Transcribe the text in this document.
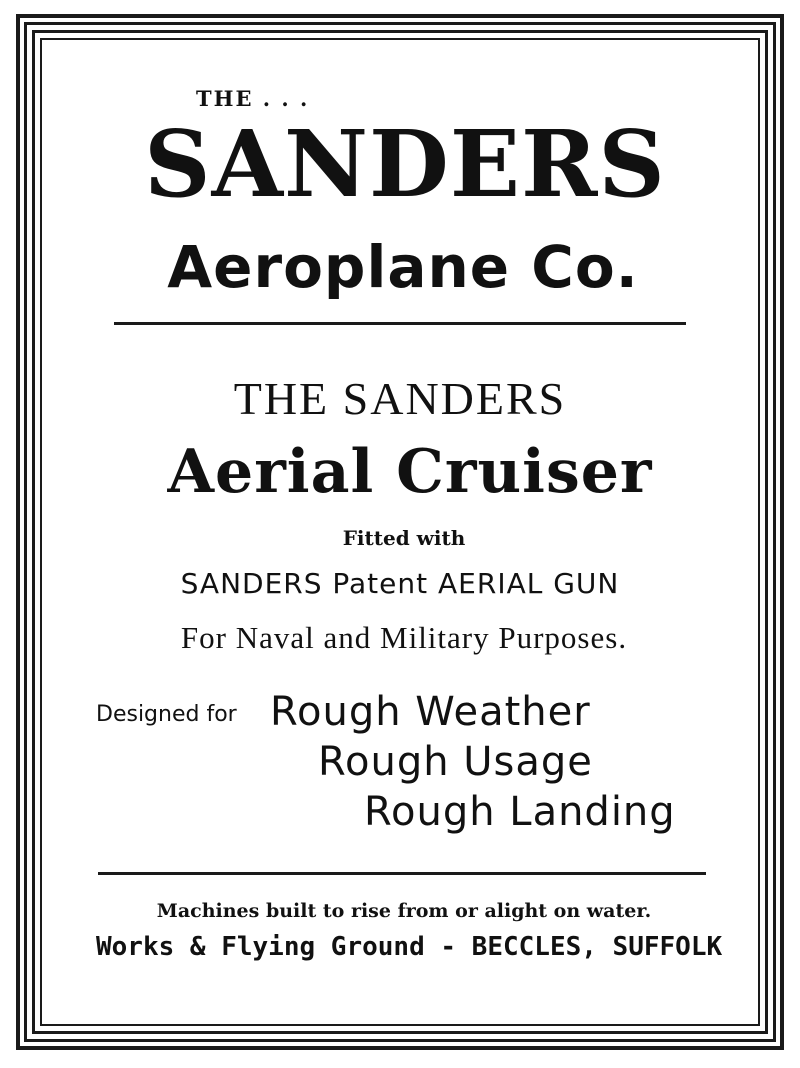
THE . . .

SANDERS

Aeroplane Co.

THE SANDERS

Aerial Cruiser

Fitted with

SANDERS Patent AERIAL GUN

For Naval and Military Purposes.

Designed for Rough Weather

Rough Usage

Rough Landing

Machines built to rise from or alight on water.

Works & Flying Ground - BECCLES, SUFFOLK
